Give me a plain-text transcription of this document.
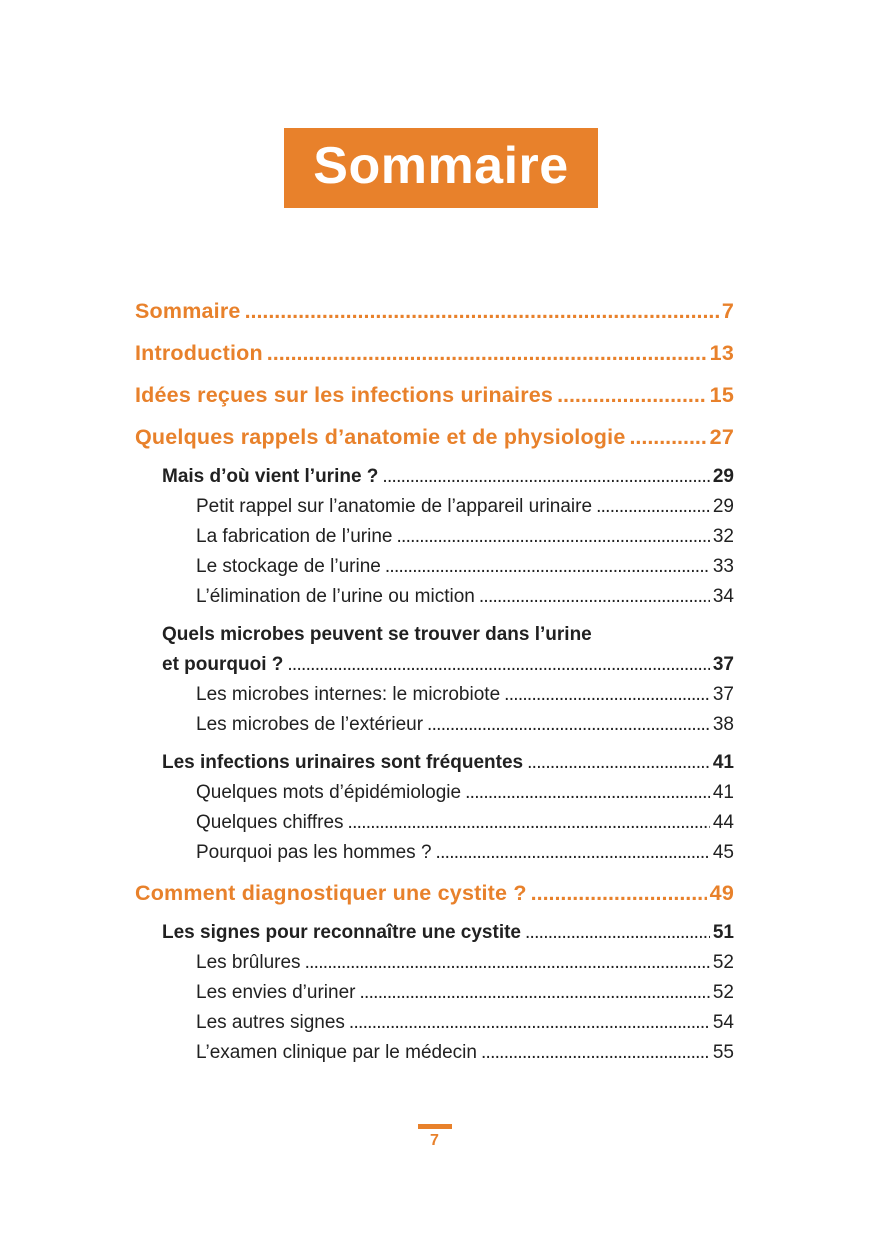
Sommaire
Sommaire . . .	7
Introduction . . .	13
Idées reçues sur les infections urinaires . . .	15
Quelques rappels d’anatomie et de physiologie . . .	27
Mais d’où vient l’urine ? . . .	29
Petit rappel sur l’anatomie de l’appareil urinaire . . .	29
La fabrication de l’urine . . .	32
Le stockage de l’urine . . .	33
L’élimination de l’urine ou miction . . .	34
Quels microbes peuvent se trouver dans l’urine
et pourquoi ? . . .	37
Les microbes internes: le microbiote . . .	37
Les microbes de l’extérieur . . .	38
Les infections urinaires sont fréquentes . . .	41
Quelques mots d’épidémiologie . . .	41
Quelques chiffres . . .	44
Pourquoi pas les hommes ? . . .	45
Comment diagnostiquer une cystite ? . . .	49
Les signes pour reconnaître une cystite . . .	51
Les brûlures . . .	52
Les envies d’uriner . . .	52
Les autres signes . . .	54
L’examen clinique par le médecin . . .	55
7
